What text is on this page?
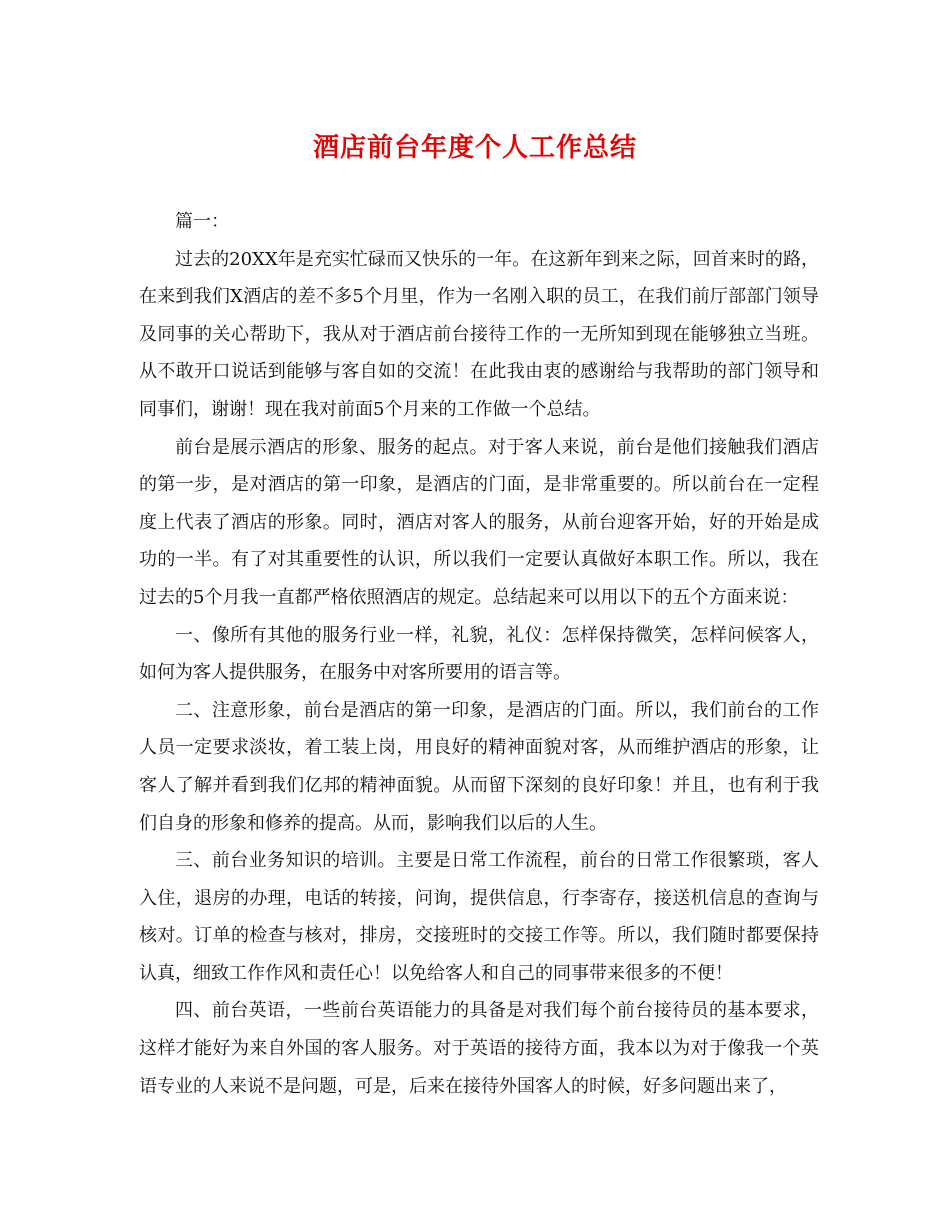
酒店前台年度个人工作总结

篇一：

过去的20XX年是充实忙碌而又快乐的一年。在这新年到来之际，回首来时的路，在来到我们X酒店的差不多5个月里，作为一名刚入职的员工，在我们前厅部部门领导及同事的关心帮助下，我从对于酒店前台接待工作的一无所知到现在能够独立当班。从不敢开口说话到能够与客自如的交流！在此我由衷的感谢给与我帮助的部门领导和同事们，谢谢！现在我对前面5个月来的工作做一个总结。

前台是展示酒店的形象、服务的起点。对于客人来说，前台是他们接触我们酒店的第一步，是对酒店的第一印象，是酒店的门面，是非常重要的。所以前台在一定程度上代表了酒店的形象。同时，酒店对客人的服务，从前台迎客开始，好的开始是成功的一半。有了对其重要性的认识，所以我们一定要认真做好本职工作。所以，我在过去的5个月我一直都严格依照酒店的规定。总结起来可以用以下的五个方面来说：

一、像所有其他的服务行业一样，礼貌，礼仪：怎样保持微笑，怎样问候客人，如何为客人提供服务，在服务中对客所要用的语言等。

二、注意形象，前台是酒店的第一印象，是酒店的门面。所以，我们前台的工作人员一定要求淡妆，着工装上岗，用良好的精神面貌对客，从而维护酒店的形象，让客人了解并看到我们亿邦的精神面貌。从而留下深刻的良好印象！并且，也有利于我们自身的形象和修养的提高。从而，影响我们以后的人生。

三、前台业务知识的培训。主要是日常工作流程，前台的日常工作很繁琐，客人入住，退房的办理，电话的转接，问询，提供信息，行李寄存，接送机信息的查询与核对。订单的检查与核对，排房，交接班时的交接工作等。所以，我们随时都要保持认真，细致工作作风和责任心！以免给客人和自己的同事带来很多的不便！

四、前台英语，一些前台英语能力的具备是对我们每个前台接待员的基本要求，这样才能好为来自外国的客人服务。对于英语的接待方面，我本以为对于像我一个英语专业的人来说不是问题，可是，后来在接待外国客人的时候，好多问题出来了，
